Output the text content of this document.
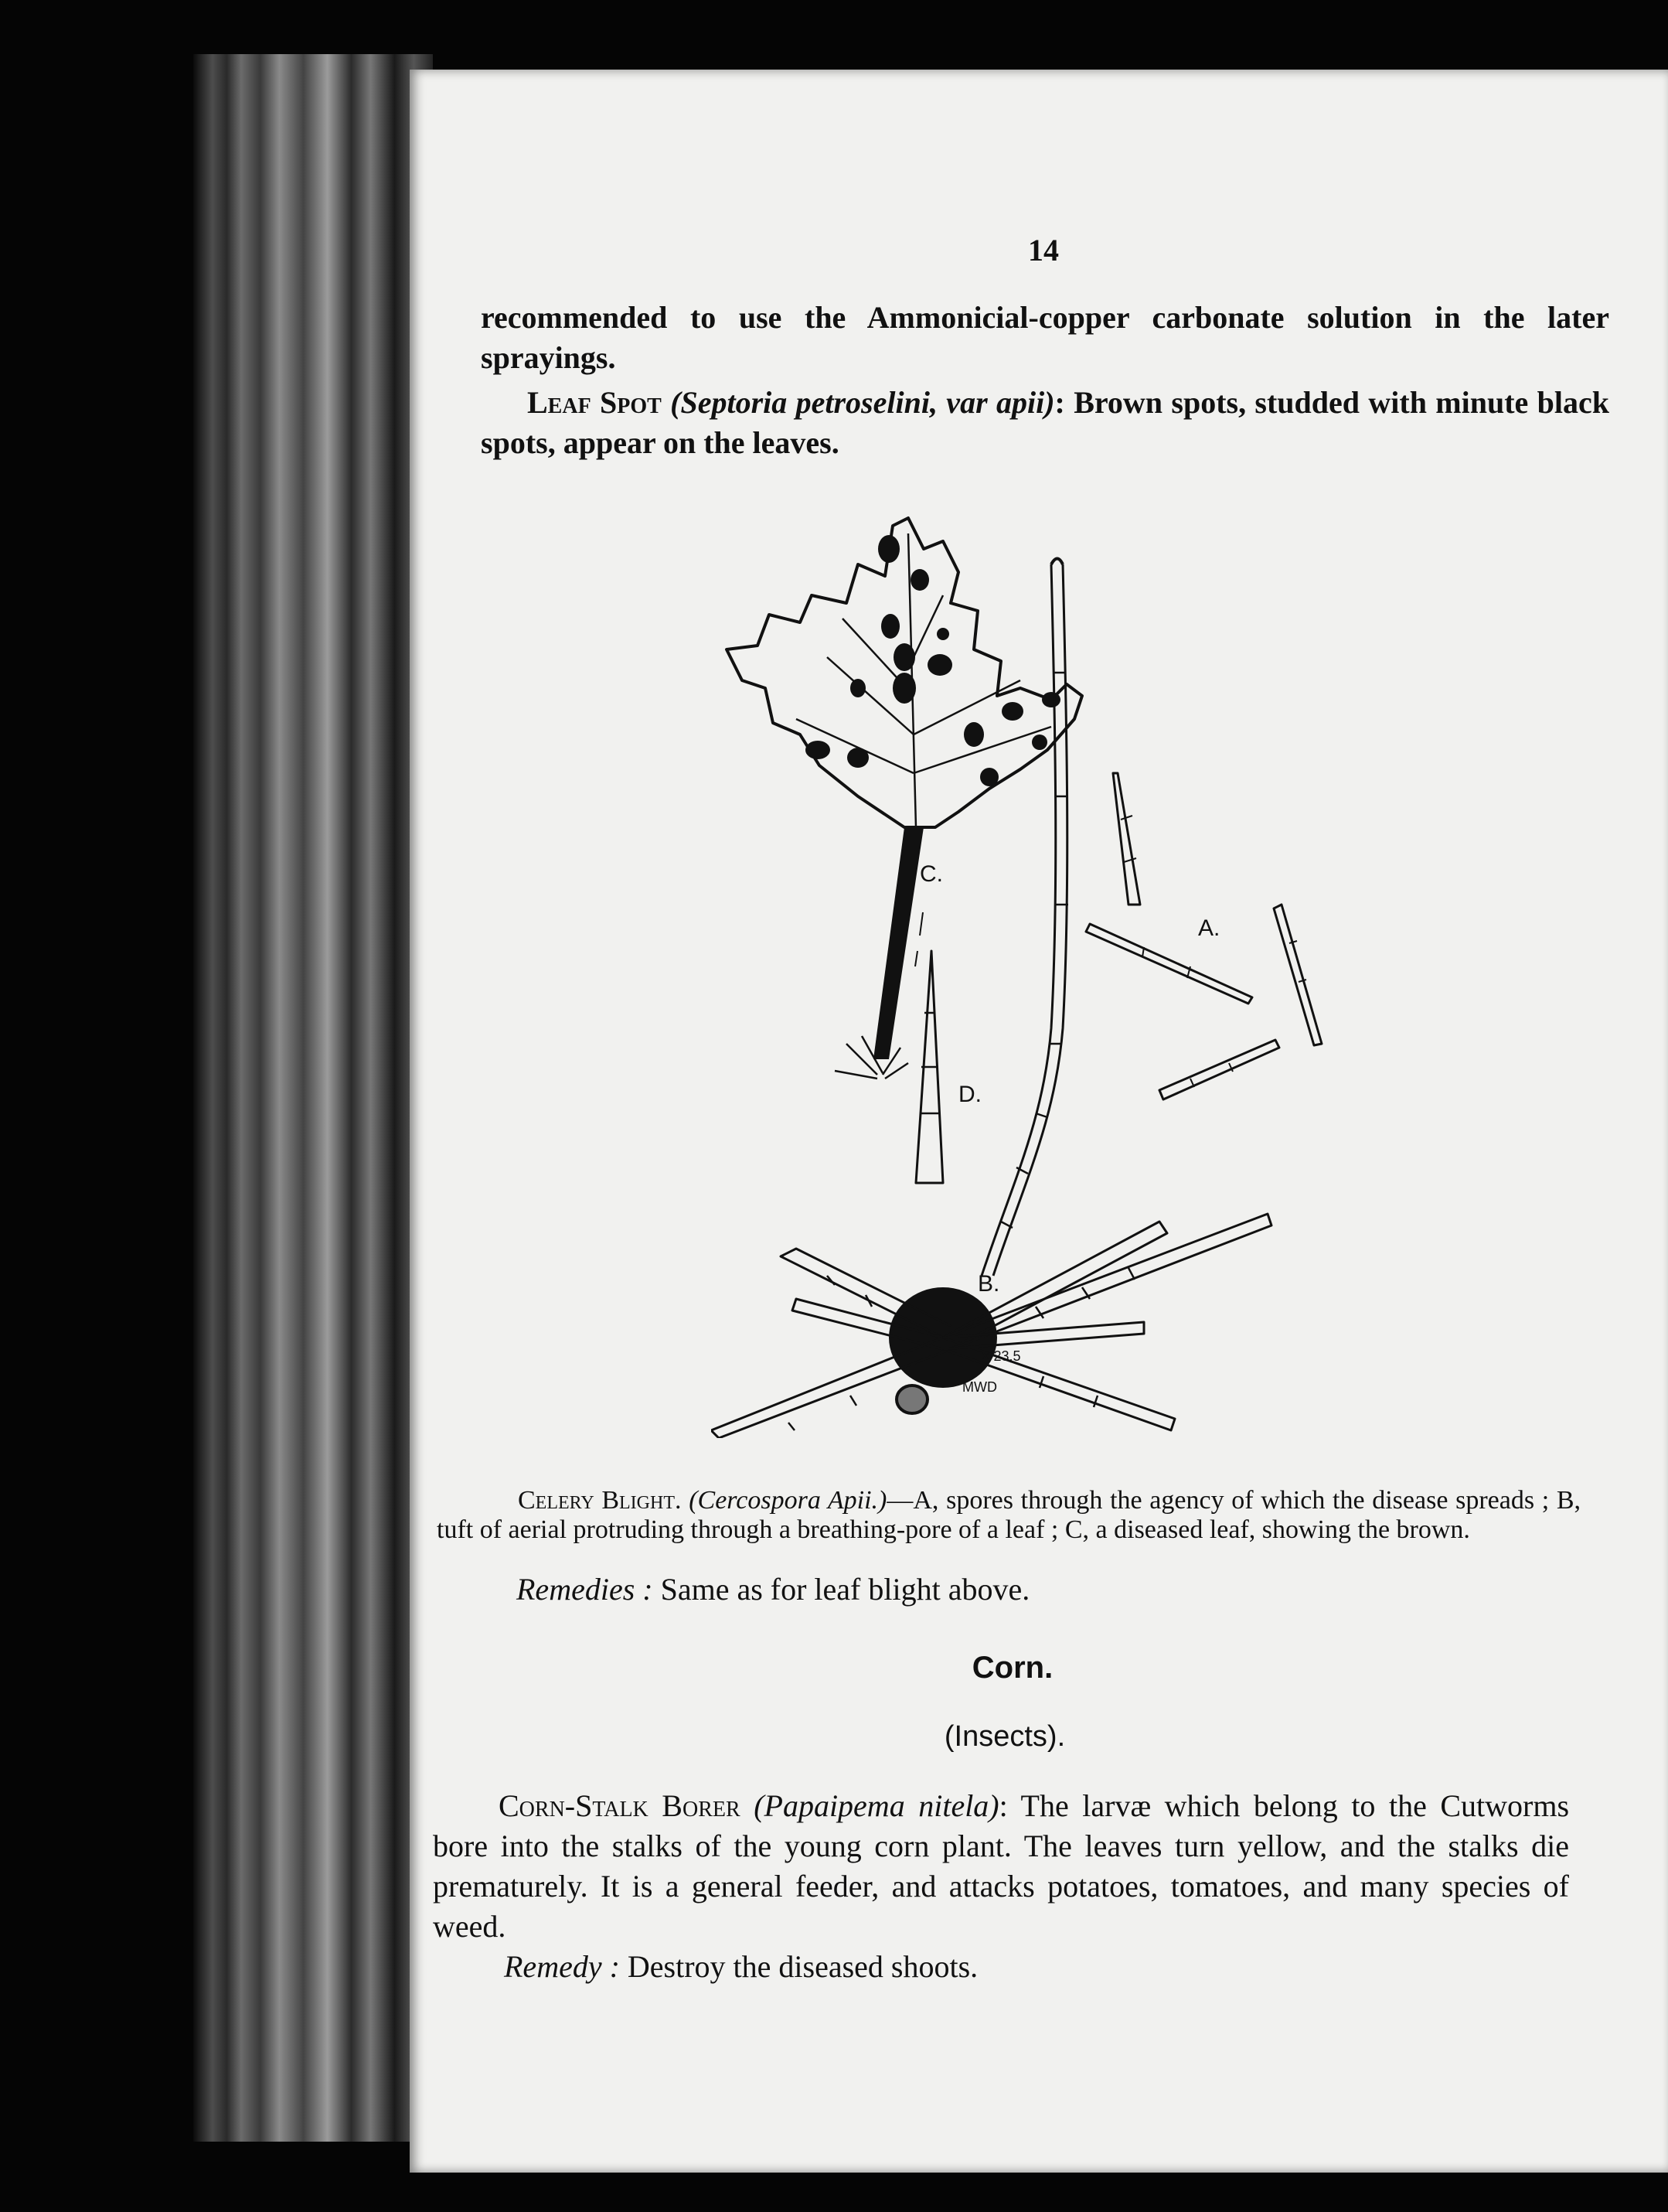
14

recommended to use the Ammonicial-copper carbonate solution in the later sprayings.

Leaf Spot (Septoria petroselini, var apii): Brown spots, studded with minute black spots, appear on the leaves.

A.
B.
C.
D.
× 23,5
MWD

Celery Blight. (Cercospora Apii.)—A, spores through the agency of which the disease spreads ; B, tuft of aerial protruding through a breathing-pore of a leaf ; C, a diseased leaf, showing the brown.

Remedies : Same as for leaf blight above.

Corn.
(Insects).

Corn-Stalk Borer (Papaipema nitela): The larvæ which belong to the Cutworms bore into the stalks of the young corn plant. The leaves turn yellow, and the stalks die prematurely. It is a general feeder, and attacks potatoes, tomatoes, and many species of weed.

Remedy : Destroy the diseased shoots.
